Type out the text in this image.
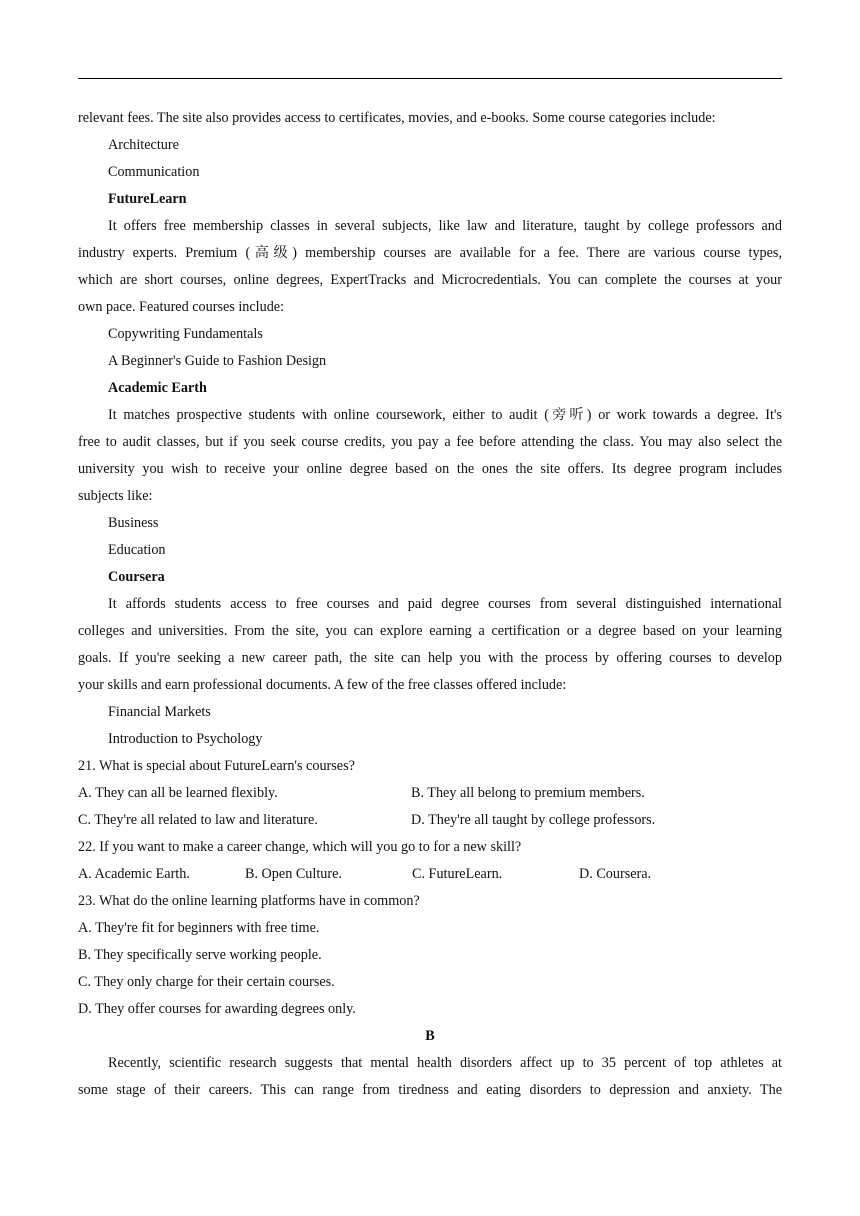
relevant fees. The site also provides access to certificates, movies, and e-books. Some course categories include:
Architecture
Communication
FutureLearn
It offers free membership classes in several subjects, like law and literature, taught by college professors and
industry experts. Premium (高级) membership courses are available for a fee. There are various course types,
which are short courses, online degrees, ExpertTracks and Microcredentials. You can complete the courses at your
own pace. Featured courses include:
Copywriting Fundamentals
A Beginner's Guide to Fashion Design
Academic Earth
It matches prospective students with online coursework, either to audit (旁听) or work towards a degree. It's
free to audit classes, but if you seek course credits, you pay a fee before attending the class. You may also select the
university you wish to receive your online degree based on the ones the site offers. Its degree program includes
subjects like:
Business
Education
Coursera
It affords students access to free courses and paid degree courses from several distinguished international
colleges and universities. From the site, you can explore earning a certification or a degree based on your learning
goals. If you're seeking a new career path, the site can help you with the process by offering courses to develop
your skills and earn professional documents. A few of the free classes offered include:
Financial Markets
Introduction to Psychology
21. What is special about FutureLearn's courses?
A. They can all be learned flexibly.	B. They all belong to premium members.
C. They're all related to law and literature.	D. They're all taught by college professors.
22. If you want to make a career change, which will you go to for a new skill?
A. Academic Earth.	B. Open Culture.	C. FutureLearn.	D. Coursera.
23. What do the online learning platforms have in common?
A. They're fit for beginners with free time.
B. They specifically serve working people.
C. They only charge for their certain courses.
D. They offer courses for awarding degrees only.
B
Recently, scientific research suggests that mental health disorders affect up to 35 percent of top athletes at
some stage of their careers. This can range from tiredness and eating disorders to depression and anxiety. The
